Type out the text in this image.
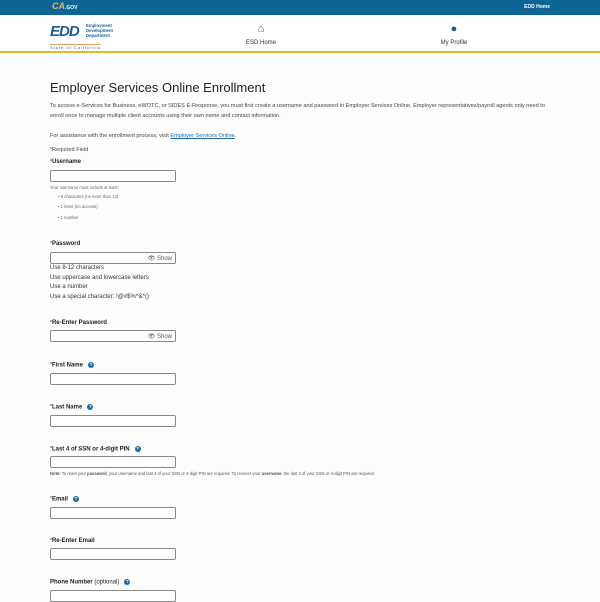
CA.GOV	EDD Home
EDD Employment
Development
Department
State of California
⌂
ESD Home
●
My Profile
Employer Services Online Enrollment
To access e-Services for Business, eWOTC, or SIDES E-Response, you must first create a username and password in Employer Services Online. Employer representatives/payroll agents only need to enroll once to manage multiple client accounts using their own name and contact information.
For assistance with the enrollment process, visit Employer Services Online.
*Required Field
*Username
Your username must include at least:
• 8 characters (no more than 13)
• 1 letter (no accents)
• 1 number
*Password
👁 Show
Use 8-12 characters
Use uppercase and lowercase letters
Use a number
Use a special character: !@#$%^&*()
*Re-Enter Password
👁 Show
*First Name ?
*Last Name ?
*Last 4 of SSN or 4-digit PIN ?
Note: To reset your password, your username and last 4 of your SSN or 4-digit PIN are required. To recover your username, the last 4 of your SSN or 4-digit PIN are required.
*Email ?
*Re-Enter Email
Phone Number (optional) ?
